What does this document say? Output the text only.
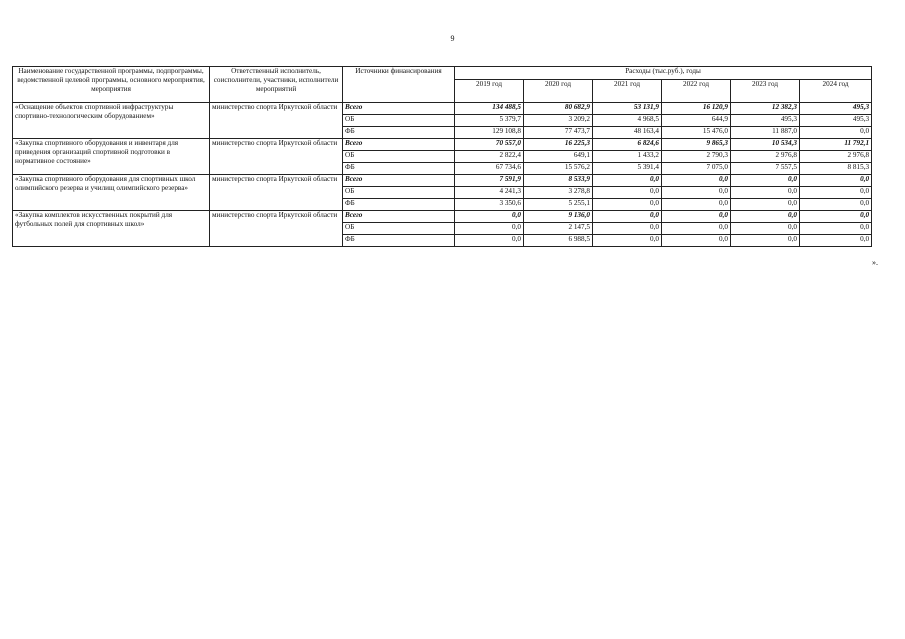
9
Наименование государственной программы, подпрограммы, ведомственной целевой программы, основного мероприятия, мероприятия	Ответственный исполнитель, соисполнители, участники, исполнители мероприятий	Источники финансирования	Расходы (тыс.руб.), годы					
			2019 год	2020 год	2021 год	2022 год	2023 год	2024 год
«Оснащение объектов спортивной инфраструктуры спортивно-технологическим оборудованием»	министерство спорта Иркутской области	Всего	134 488,5	80 682,9	53 131,9	16 120,9	12 382,3	495,3
		ОБ	5 379,7	3 209,2	4 968,5	644,9	495,3	495,3
		ФБ	129 108,8	77 473,7	48 163,4	15 476,0	11 887,0	0,0
«Закупка спортивного оборудования и инвентаря для приведения организаций спортивной подготовки в нормативное состояние»	министерство спорта Иркутской области	Всего	70 557,0	16 225,3	6 824,6	9 865,3	10 534,3	11 792,1
		ОБ	2 822,4	649,1	1 433,2	2 790,3	2 976,8	2 976,8
		ФБ	67 734,6	15 576,2	5 391,4	7 075,0	7 557,5	8 815,3
«Закупка спортивного оборудования для спортивных школ олимпийского резерва и училищ олимпийского резерва»	министерство спорта Иркутской области	Всего	7 591,9	8 533,9	0,0	0,0	0,0	0,0
		ОБ	4 241,3	3 278,8	0,0	0,0	0,0	0,0
		ФБ	3 350,6	5 255,1	0,0	0,0	0,0	0,0
«Закупка комплектов искусственных покрытий для футбольных полей для спортивных школ»	министерство спорта Иркутской области	Всего	0,0	9 136,0	0,0	0,0	0,0	0,0
		ОБ	0,0	2 147,5	0,0	0,0	0,0	0,0
		ФБ	0,0	6 988,5	0,0	0,0	0,0	0,0
».
